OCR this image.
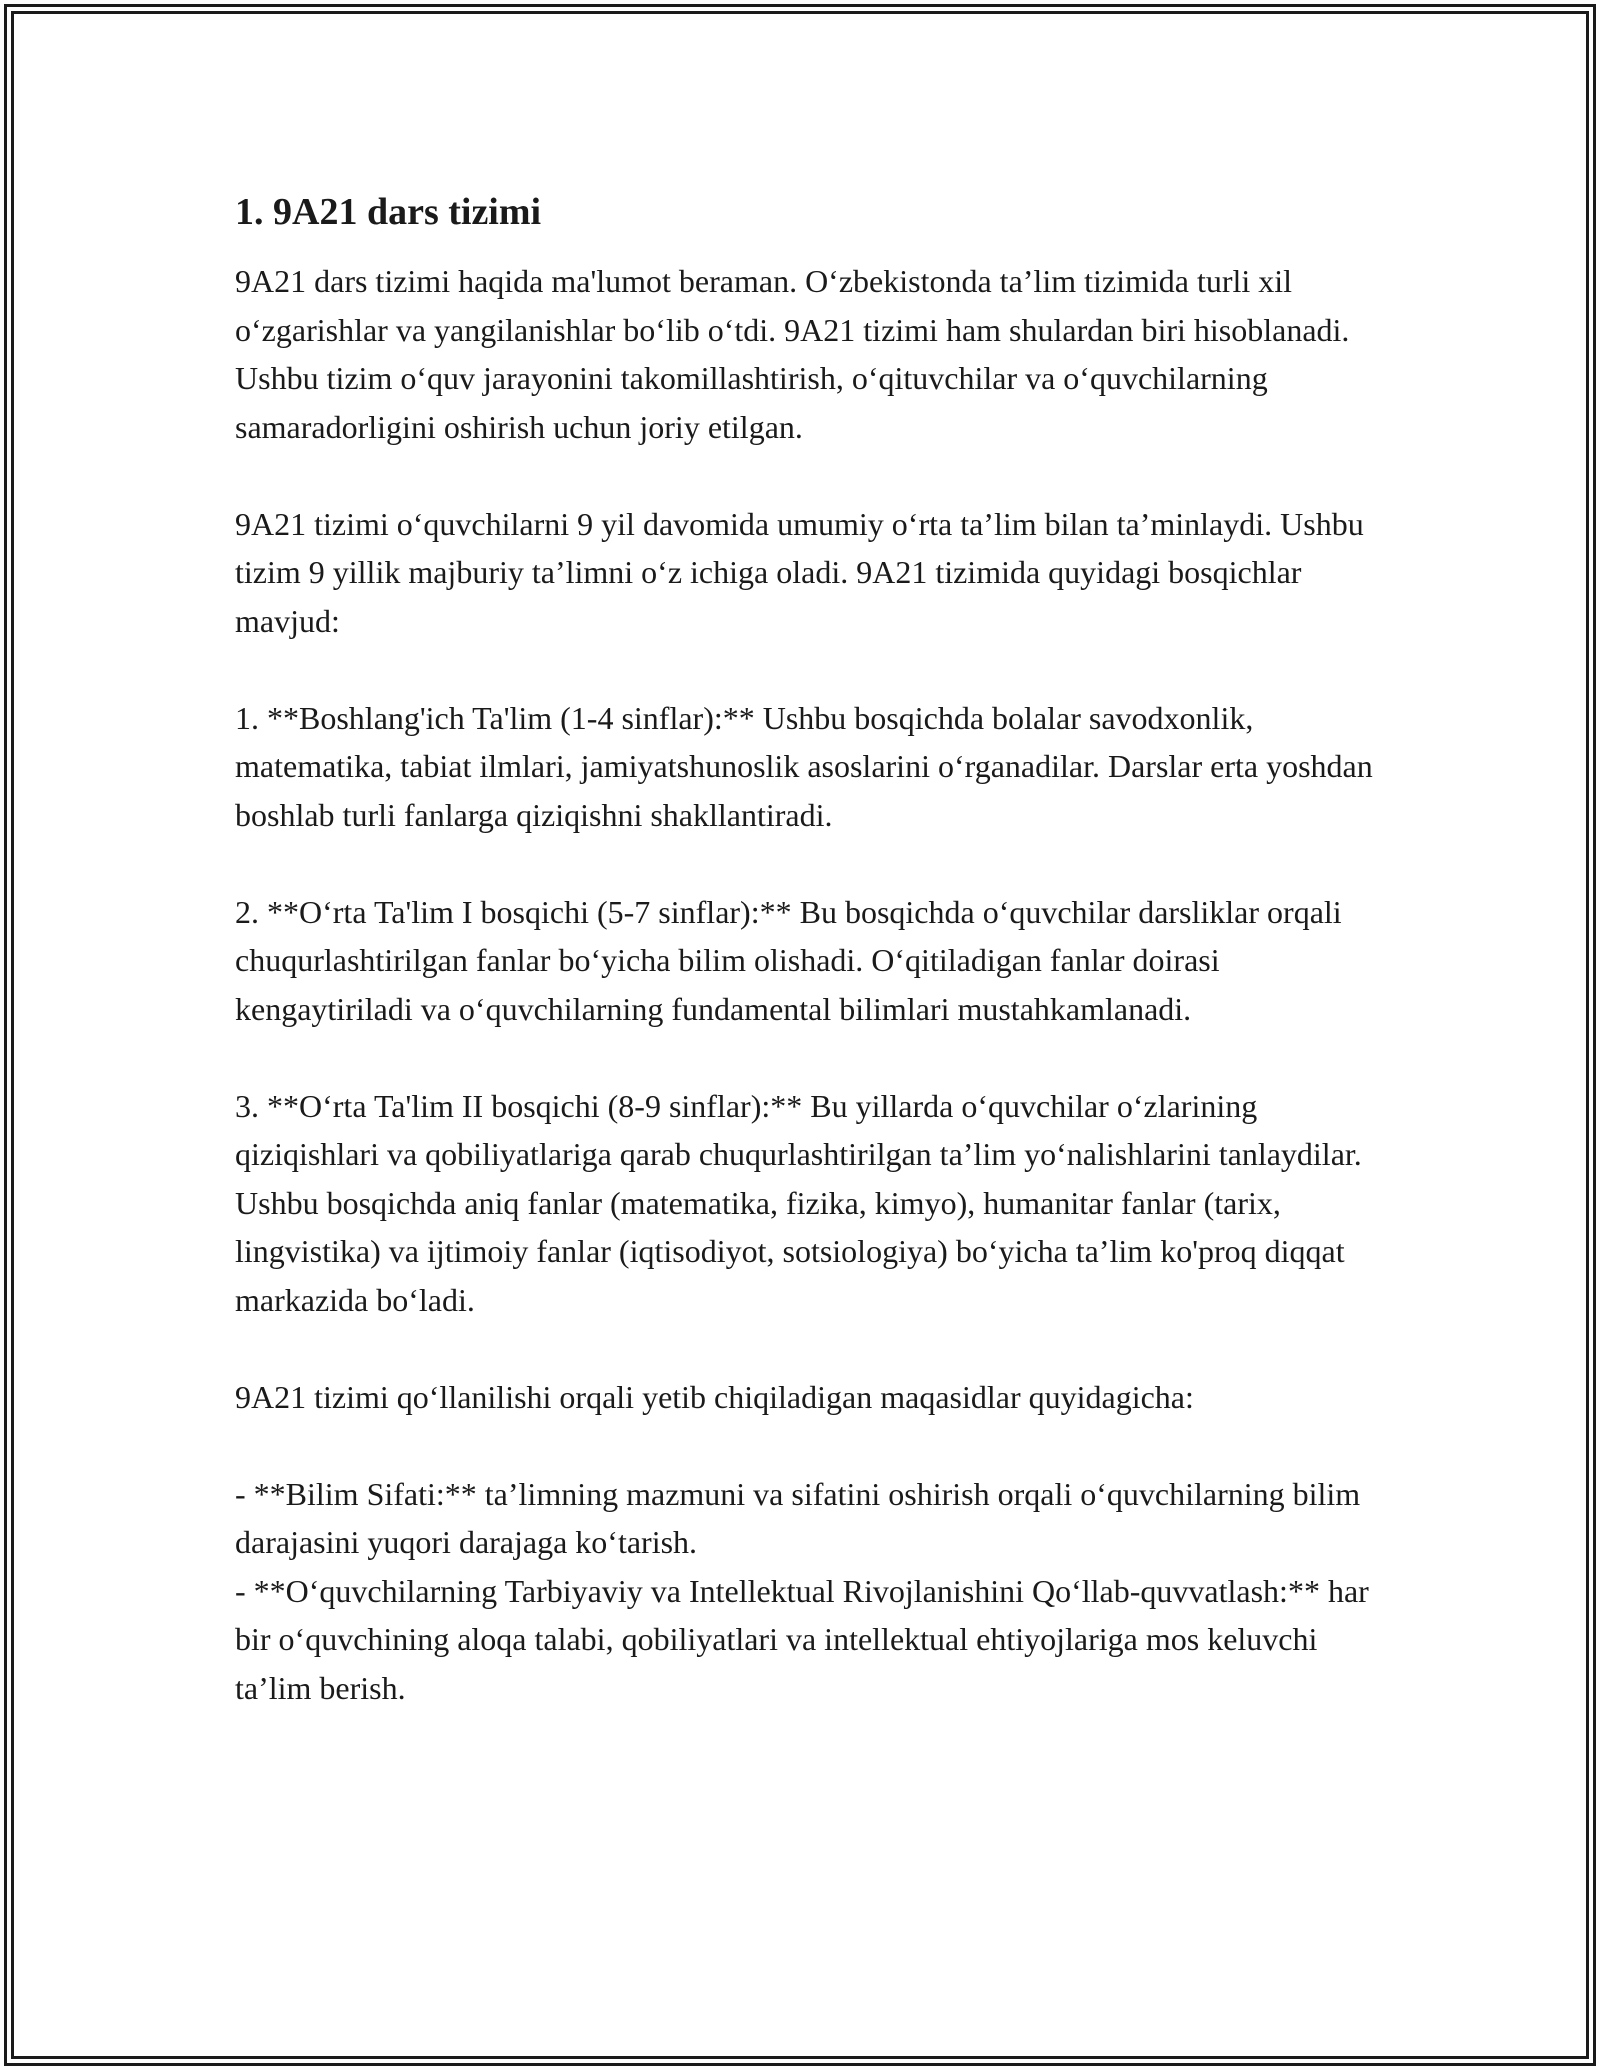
1. 9A21 dars tizimi

9A21 dars tizimi haqida ma'lumot beraman. O‘zbekistonda ta’lim tizimida turli xil o‘zgarishlar va yangilanishlar bo‘lib o‘tdi. 9A21 tizimi ham shulardan biri hisoblanadi. Ushbu tizim o‘quv jarayonini takomillashtirish, o‘qituvchilar va o‘quvchilarning samaradorligini oshirish uchun joriy etilgan.

9A21 tizimi o‘quvchilarni 9 yil davomida umumiy o‘rta ta’lim bilan ta’minlaydi. Ushbu tizim 9 yillik majburiy ta’limni o‘z ichiga oladi. 9A21 tizimida quyidagi bosqichlar mavjud:

1. **Boshlang'ich Ta'lim (1-4 sinflar):** Ushbu bosqichda bolalar savodxonlik, matematika, tabiat ilmlari, jamiyatshunoslik asoslarini o‘rganadilar. Darslar erta yoshdan boshlab turli fanlarga qiziqishni shakllantiradi.

2. **O‘rta Ta'lim I bosqichi (5-7 sinflar):** Bu bosqichda o‘quvchilar darsliklar orqali chuqurlashtirilgan fanlar bo‘yicha bilim olishadi. O‘qitiladigan fanlar doirasi kengaytiriladi va o‘quvchilarning fundamental bilimlari mustahkamlanadi.

3. **O‘rta Ta'lim II bosqichi (8-9 sinflar):** Bu yillarda o‘quvchilar o‘zlarining qiziqishlari va qobiliyatlariga qarab chuqurlashtirilgan ta’lim yo‘nalishlarini tanlaydilar. Ushbu bosqichda aniq fanlar (matematika, fizika, kimyo), humanitar fanlar (tarix, lingvistika) va ijtimoiy fanlar (iqtisodiyot, sotsiologiya) bo‘yicha ta’lim ko'proq diqqat markazida bo‘ladi.

9A21 tizimi qo‘llanilishi orqali yetib chiqiladigan maqasidlar quyidagicha:

- **Bilim Sifati:** ta’limning mazmuni va sifatini oshirish orqali o‘quvchilarning bilim darajasini yuqori darajaga ko‘tarish.

- **O‘quvchilarning Tarbiyaviy va Intellektual Rivojlanishini Qo‘llab-quvvatlash:** har bir o‘quvchining aloqa talabi, qobiliyatlari va intellektual ehtiyojlariga mos keluvchi ta’lim berish.
